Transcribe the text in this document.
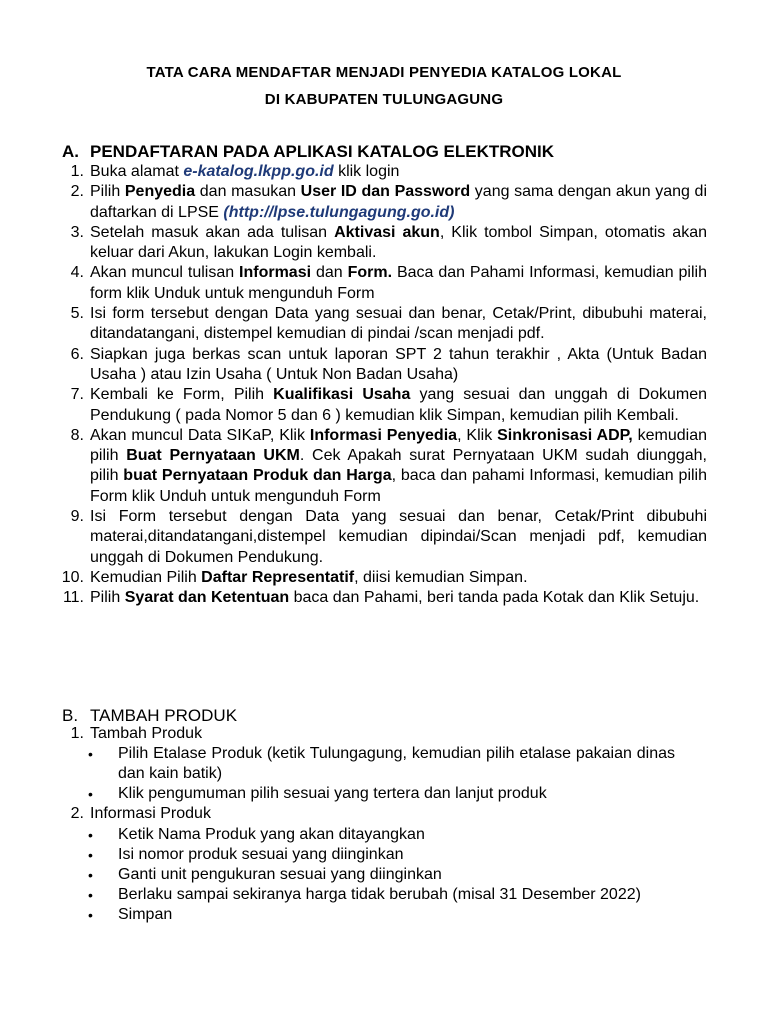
TATA CARA MENDAFTAR MENJADI PENYEDIA KATALOG LOKAL
DI KABUPATEN TULUNGAGUNG
A. PENDAFTARAN PADA APLIKASI KATALOG ELEKTRONIK
1. Buka alamat e-katalog.lkpp.go.id klik login
2. Pilih Penyedia dan masukan User ID dan Password yang sama dengan akun yang di daftarkan di LPSE (http://lpse.tulungagung.go.id)
3. Setelah masuk akan ada tulisan Aktivasi akun, Klik tombol Simpan, otomatis akan keluar dari Akun, lakukan Login kembali.
4. Akan muncul tulisan Informasi dan Form. Baca dan Pahami Informasi, kemudian pilih form klik Unduk untuk mengunduh Form
5. Isi form tersebut dengan Data yang sesuai dan benar, Cetak/Print, dibubuhi materai, ditandatangani, distempel kemudian di pindai /scan menjadi pdf.
6. Siapkan juga berkas scan untuk laporan SPT 2 tahun terakhir , Akta (Untuk Badan Usaha ) atau Izin Usaha ( Untuk Non Badan Usaha)
7. Kembali ke Form, Pilih Kualifikasi Usaha yang sesuai dan unggah di Dokumen Pendukung ( pada Nomor 5 dan 6 ) kemudian klik Simpan, kemudian pilih Kembali.
8. Akan muncul Data SIKaP, Klik Informasi Penyedia, Klik Sinkronisasi ADP, kemudian pilih Buat Pernyataan UKM. Cek Apakah surat Pernyataan UKM sudah diunggah, pilih buat Pernyataan Produk dan Harga, baca dan pahami Informasi, kemudian pilih Form klik Unduh untuk mengunduh Form
9. Isi Form tersebut dengan Data yang sesuai dan benar, Cetak/Print dibubuhi materai,ditandatangani,distempel kemudian dipindai/Scan menjadi pdf, kemudian unggah di Dokumen Pendukung.
10. Kemudian Pilih Daftar Representatif, diisi kemudian Simpan.
11. Pilih Syarat dan Ketentuan baca dan Pahami, beri tanda pada Kotak dan Klik Setuju.
B. TAMBAH PRODUK
1. Tambah Produk
•	Pilih Etalase Produk (ketik Tulungagung, kemudian pilih etalase pakaian dinas dan kain batik)
•	Klik pengumuman pilih sesuai yang tertera dan lanjut produk
2. Informasi Produk
•	Ketik Nama Produk yang akan ditayangkan
•	Isi nomor produk sesuai yang diinginkan
•	Ganti unit pengukuran sesuai yang diinginkan
•	Berlaku sampai sekiranya harga tidak berubah (misal 31 Desember 2022)
•	Simpan
